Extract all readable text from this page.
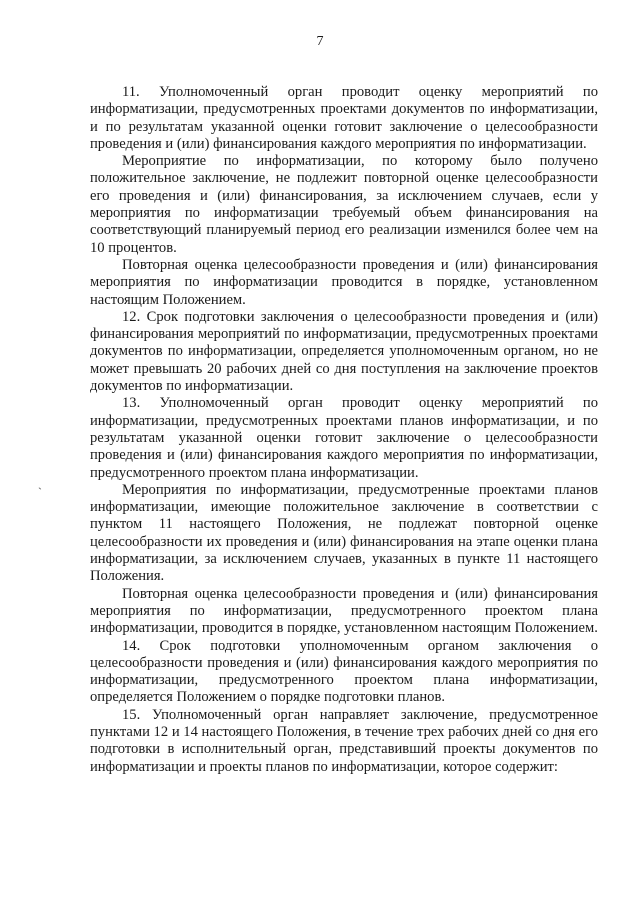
7
`

11. Уполномоченный орган проводит оценку мероприятий по информатизации, предусмотренных проектами документов по информатизации, и по результатам указанной оценки готовит заключение о целесообразности проведения и (или) финансирования каждого мероприятия по информатизации.

Мероприятие по информатизации, по которому было получено положительное заключение, не подлежит повторной оценке целесообразности его проведения и (или) финансирования, за исключением случаев, если у мероприятия по информатизации требуемый объем финансирования на соответствующий планируемый период его реализации изменился более чем на 10 процентов.

Повторная оценка целесообразности проведения и (или) финансирования мероприятия по информатизации проводится в порядке, установленном настоящим Положением.

12. Срок подготовки заключения о целесообразности проведения и (или) финансирования мероприятий по информатизации, предусмотренных проектами документов по информатизации, определяется уполномоченным органом, но не может превышать 20 рабочих дней со дня поступления на заключение проектов документов по информатизации.

13. Уполномоченный орган проводит оценку мероприятий по информатизации, предусмотренных проектами планов информатизации, и по результатам указанной оценки готовит заключение о целесообразности проведения и (или) финансирования каждого мероприятия по информатизации, предусмотренного проектом плана информатизации.

Мероприятия по информатизации, предусмотренные проектами планов информатизации, имеющие положительное заключение в соответствии с пунктом 11 настоящего Положения, не подлежат повторной оценке целесообразности их проведения и (или) финансирования на этапе оценки плана информатизации, за исключением случаев, указанных в пункте 11 настоящего Положения.

Повторная оценка целесообразности проведения и (или) финансирования мероприятия по информатизации, предусмотренного проектом плана информатизации, проводится в порядке, установленном настоящим Положением.

14. Срок подготовки уполномоченным органом заключения о целесообразности проведения и (или) финансирования каждого мероприятия по информатизации, предусмотренного проектом плана информатизации, определяется Положением о порядке подготовки планов.

15. Уполномоченный орган направляет заключение, предусмотренное пунктами 12 и 14 настоящего Положения, в течение трех рабочих дней со дня его подготовки в исполнительный орган, представивший проекты документов по информатизации и проекты планов по информатизации, которое содержит:
